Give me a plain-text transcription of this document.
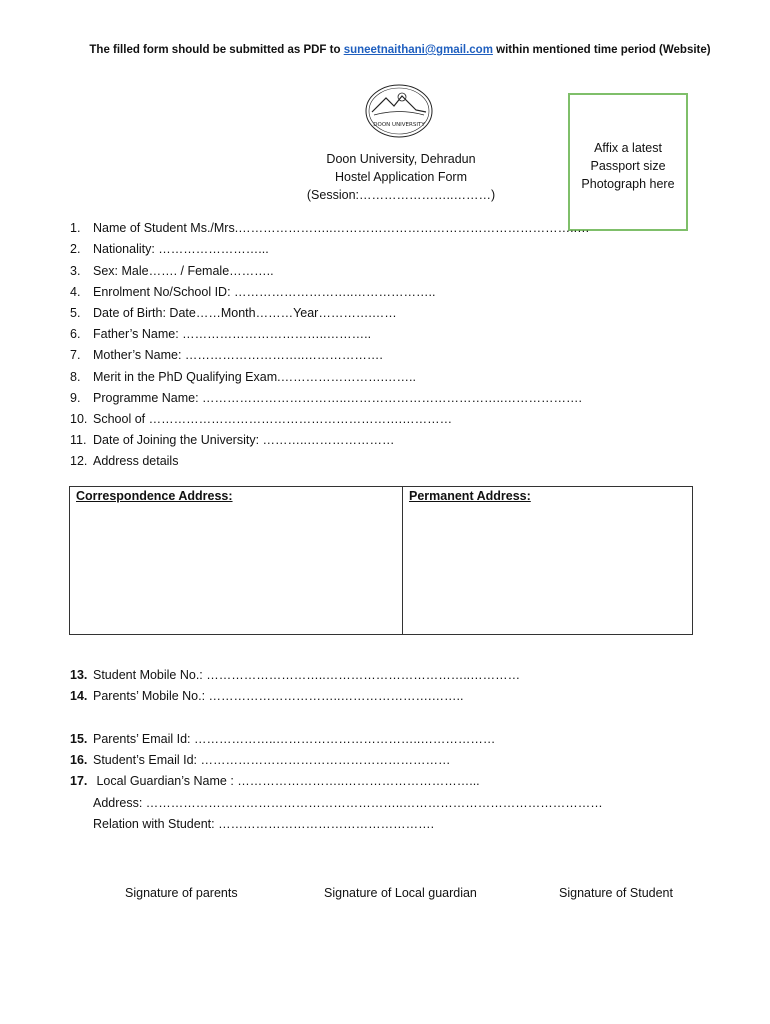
The filled form should be submitted as PDF to suneetnaithani@gmail.com within mentioned time period (Website)
DOON UNIVERSITY
Affix a latest
Passport size
Photograph here
Doon University, Dehradun
Hostel Application Form
(Session:…………………..………)
1. Name of Student Ms./Mrs.…………………..…………………………………………………..…
2. Nationality: ……………………...
3. Sex: Male……. / Female………..
4. Enrolment No/School ID: ………………………..………………..
5. Date of Birth: Date……Month………Year………….……
6. Father’s Name: ……………………………..………..
7. Mother’s Name: ………………………..……………….
8. Merit in the PhD Qualifying Exam.…………………….……..
9. Programme Name: ……………………………..………………………………..……………….
10. School of …………………………………………………….…………
11. Date of Joining the University: ………..…………………
12. Address details
Correspondence Address:	Permanent Address:
13. Student Mobile No.: ………………………..……………………………..…………
14. Parents’ Mobile No.: …………………………..………………….……..
15. Parents’ Email Id: ………………..……………………………..………………
16. Student’s Email Id: ……………………………………………………
17. Local Guardian’s Name : ……………………..…………………………...
Address: ……………………………………………………..…………………………………………
Relation with Student: …………………………………………….
Signature of parents	Signature of Local guardian	Signature of Student
